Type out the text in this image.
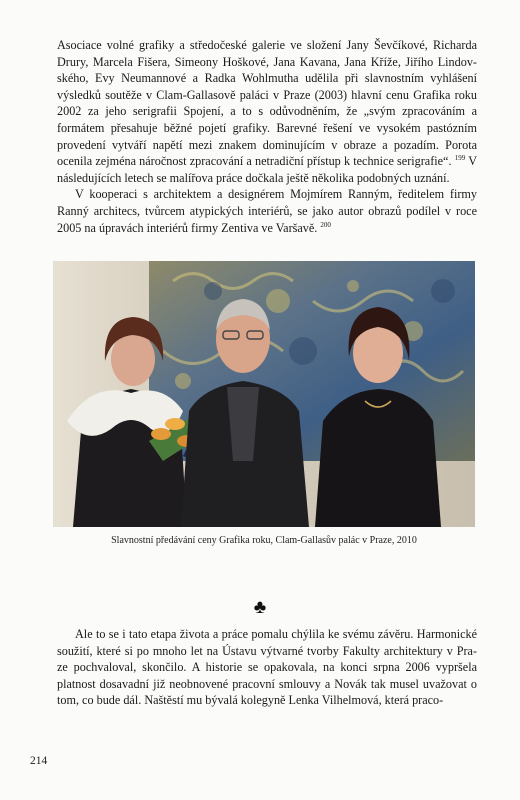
Asociace volné grafiky a středočeské galerie ve složení Jany Ševčíkové, Richarda Drury, Marcela Fišera, Simeony Hoškové, Jana Kavana, Jana Kříže, Jiřího Lindov- ského, Evy Neumannové a Radka Wohlmutha udělila při slavnostním vyhlášení výsledků soutěže v Clam-Gallasově paláci v Praze (2003) hlavní cenu Grafika roku 2002 za jeho serigrafii Spojení, a to s odůvodněním, že „svým zpracováním a formátem přesahuje běžné pojetí grafiky. Barevné řešení ve vysokém pastózním provedení vytváří napětí mezi znakem dominujícím v obraze a pozadím. Porota ocenila zejména náročnost zpracování a netradiční přístup k technice serigrafie“. $^{199}$ V následujících letech se malířova práce dočkala ještě několika podobných uznání.

V kooperaci s architektem a designérem Mojmírem Ranným, ředitelem firmy Ranný architecs, tvůrcem atypických interiérů, se jako autor obrazů podílel v roce 2005 na úpravách interiérů firmy Zentiva ve Varšavě. $^{200}$

Slavnostní předávání ceny Grafika roku, Clam-Gallasův palác v Praze, 2010
♣

Ale to se i tato etapa života a práce pomalu chýlila ke svému závěru. Harmonické soužití, které si po mnoho let na Ústavu výtvarné tvorby Fakulty architektury v Pra- ze pochvaloval, skončilo. A historie se opakovala, na konci srpna 2006 vypršela platnost dosavadní již neobnovené pracovní smlouvy a Novák tak musel uvažovat o tom, co bude dál. Naštěstí mu bývalá kolegyně Lenka Vilhelmová, která praco-

214
